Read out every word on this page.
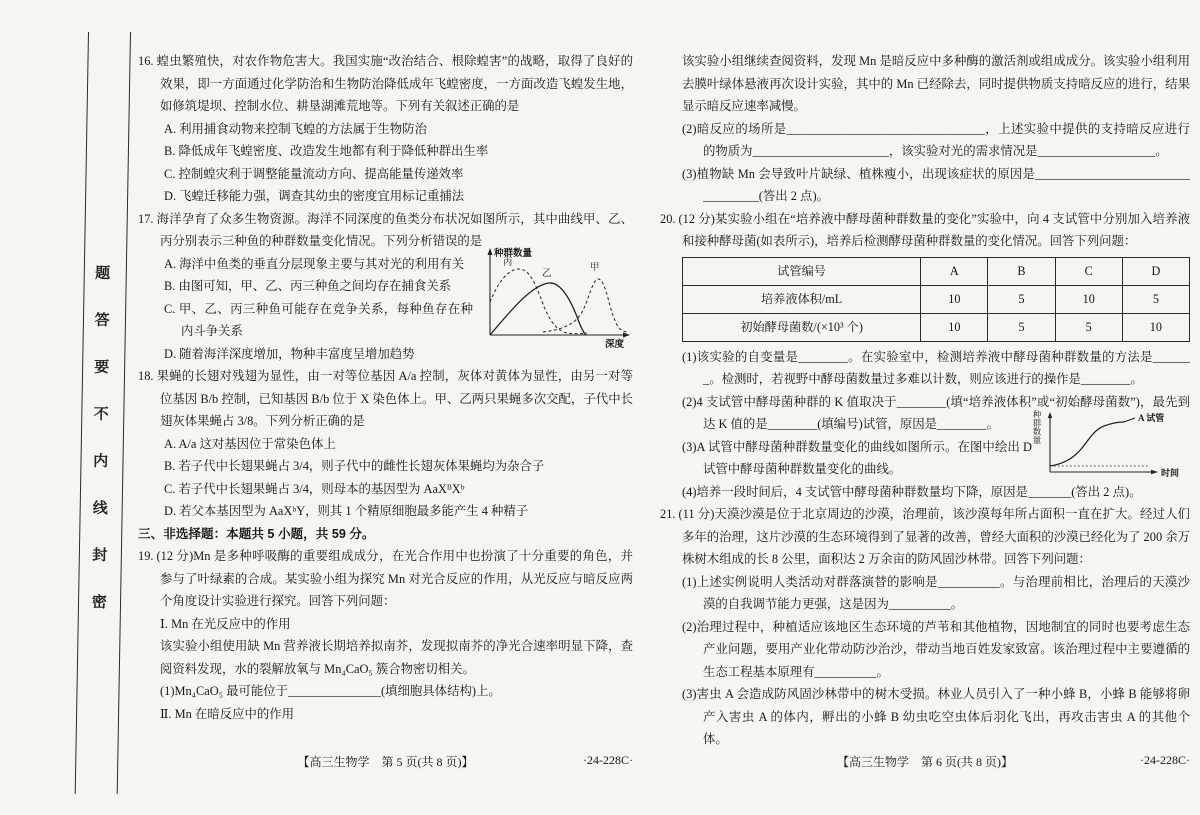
题
答
要
不
内
线
封
密
16. 蝗虫繁殖快，对农作物危害大。我国实施“改治结合、根除蝗害”的战略，取得了良好的效果，即一方面通过化学防治和生物防治降低成年飞蝗密度，一方面改造飞蝗发生地，如修筑堤坝、控制水位、耕垦湖滩荒地等。下列有关叙述正确的是
A. 利用捕食动物来控制飞蝗的方法属于生物防治
B. 降低成年飞蝗密度、改造发生地都有利于降低种群出生率
C. 控制蝗灾利于调整能量流动方向、提高能量传递效率
D. 飞蝗迁移能力强，调查其幼虫的密度宜用标记重捕法
17. 海洋孕育了众多生物资源。海洋不同深度的鱼类分布状况如图所示，其中曲线甲、乙、丙分别表示三种鱼的种群数量变化情况。下列分析错误的是
A. 海洋中鱼类的垂直分层现象主要与其对光的利用有关
B. 由图可知，甲、乙、丙三种鱼之间均存在捕食关系
C. 甲、乙、丙三种鱼可能存在竞争关系，每种鱼存在种内斗争关系
D. 随着海洋深度增加，物种丰富度呈增加趋势
种群数量
深度
丙
乙
甲
18. 果蝇的长翅对残翅为显性，由一对等位基因 A/a 控制，灰体对黄体为显性，由另一对等位基因 B/b 控制，已知基因 B/b 位于 X 染色体上。甲、乙两只果蝇多次交配，子代中长翅灰体果蝇占 3/8。下列分析正确的是
A. A/a 这对基因位于常染色体上
B. 若子代中长翅果蝇占 3/4，则子代中的雌性长翅灰体果蝇均为杂合子
C. 若子代中长翅果蝇占 3/4，则母本的基因型为 AaXᴮXᵇ
D. 若父本基因型为 AaXᵇY，则其 1 个精原细胞最多能产生 4 种精子
三、非选择题：本题共 5 小题，共 59 分。
19. (12 分)Mn 是多种呼吸酶的重要组成成分，在光合作用中也扮演了十分重要的角色，并参与了叶绿素的合成。某实验小组为探究 Mn 对光合反应的作用，从光反应与暗反应两个角度设计实验进行探究。回答下列问题：
Ⅰ. Mn 在光反应中的作用
该实验小组使用缺 Mn 营养液长期培养拟南芥，发现拟南芥的净光合速率明显下降，查阅资料发现，水的裂解放氧与 Mn₄CaO₅ 簇合物密切相关。
(1)Mn₄CaO₅ 最可能位于_______________(填细胞具体结构)上。
Ⅱ. Mn 在暗反应中的作用
该实验小组继续查阅资料，发现 Mn 是暗反应中多种酶的激活剂或组成成分。该实验小组利用去膜叶绿体悬液再次设计实验，其中的 Mn 已经除去，同时提供物质支持暗反应的进行，结果显示暗反应速率减慢。
(2)暗反应的场所是________________________________，上述实验中提供的支持暗反应进行的物质为______________________，该实验对光的需求情况是___________________。
(3)植物缺 Mn 会导致叶片缺绿、植株瘦小，出现该症状的原因是__________________________________(答出 2 点)。
20. (12 分)某实验小组在“培养液中酵母菌种群数量的变化”实验中，向 4 支试管中分别加入培养液和接种酵母菌(如表所示)，培养后检测酵母菌种群数量的变化情况。回答下列问题：
试管编号	A	B	C	D
培养液体积/mL	10	5	10	5
初始酵母菌数/(×10³ 个)	10	5	5	10
(1)该实验的自变量是________。在实验室中，检测培养液中酵母菌种群数量的方法是_______。检测时，若视野中酵母菌数量过多难以计数，则应该进行的操作是________。
(2)4 支试管中酵母菌种群的 K 值取决于________(填“培养液体积”或“初始酵母菌数”)，最先到达 K 值的是________(填编号)试管，原因是________。
(3)A 试管中酵母菌种群数量变化的曲线如图所示。在图中绘出 D 试管中酵母菌种群数量变化的曲线。
(4)培养一段时间后，4 支试管中酵母菌种群数量均下降，原因是_______(答出 2 点)。
种群数量	A 试管
时间
21. (11 分)天漠沙漠是位于北京周边的沙漠，治理前，该沙漠每年所占面积一直在扩大。经过人们多年的治理，这片沙漠的生态环境得到了显著的改善，曾经大面积的沙漠已经化为了 200 余万株树木组成的长 8 公里，面积达 2 万余亩的防风固沙林带。回答下列问题：
(1)上述实例说明人类活动对群落演替的影响是__________。与治理前相比，治理后的天漠沙漠的自我调节能力更强，这是因为__________。
(2)治理过程中，种植适应该地区生态环境的芦苇和其他植物，因地制宜的同时也要考虑生态产业问题，要用产业化带动防沙治沙，带动当地百姓发家致富。该治理过程中主要遵循的生态工程基本原理有__________。
(3)害虫 A 会造成防风固沙林带中的树木受损。林业人员引入了一种小蜂 B，小蜂 B 能够将卵产入害虫 A 的体内，孵出的小蜂 B 幼虫吃空虫体后羽化飞出，再攻击害虫 A 的其他个体。
【高三生物学　第 5 页(共 8 页)】	·24-228C·	【高三生物学　第 6 页(共 8 页)】	·24-228C·
